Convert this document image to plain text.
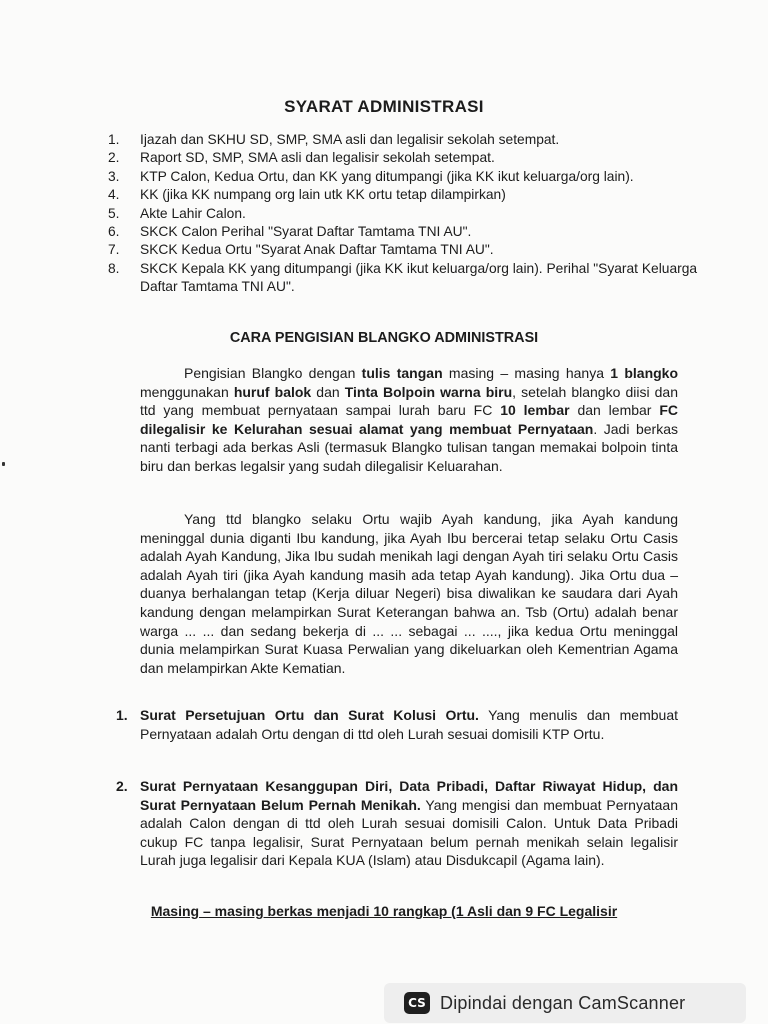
SYARAT ADMINISTRASI
1. Ijazah dan SKHU SD, SMP, SMA asli dan legalisir sekolah setempat.
2. Raport SD, SMP, SMA asli dan legalisir sekolah setempat.
3. KTP Calon, Kedua Ortu, dan KK yang ditumpangi (jika KK ikut keluarga/org lain).
4. KK (jika KK numpang org lain utk KK ortu tetap dilampirkan)
5. Akte Lahir Calon.
6. SKCK Calon Perihal "Syarat Daftar Tamtama TNI AU".
7. SKCK Kedua Ortu "Syarat Anak Daftar Tamtama TNI AU".
8. SKCK Kepala KK yang ditumpangi (jika KK ikut keluarga/org lain). Perihal "Syarat Keluarga Daftar Tamtama TNI AU".
CARA PENGISIAN BLANGKO ADMINISTRASI

Pengisian Blangko dengan tulis tangan masing – masing hanya 1 blangko menggunakan huruf balok dan Tinta Bolpoin warna biru, setelah blangko diisi dan ttd yang membuat pernyataan sampai lurah baru FC 10 lembar dan lembar FC dilegalisir ke Kelurahan sesuai alamat yang membuat Pernyataan. Jadi berkas nanti terbagi ada berkas Asli (termasuk Blangko tulisan tangan memakai bolpoin tinta biru dan berkas legalsir yang sudah dilegalisir Keluarahan.

Yang ttd blangko selaku Ortu wajib Ayah kandung, jika Ayah kandung meninggal dunia diganti Ibu kandung, jika Ayah Ibu bercerai tetap selaku Ortu Casis adalah Ayah Kandung, Jika Ibu sudah menikah lagi dengan Ayah tiri selaku Ortu Casis adalah Ayah tiri (jika Ayah kandung masih ada tetap Ayah kandung). Jika Ortu dua – duanya berhalangan tetap (Kerja diluar Negeri) bisa diwalikan ke saudara dari Ayah kandung dengan melampirkan Surat Keterangan bahwa an. Tsb (Ortu) adalah benar warga ... ... dan sedang bekerja di ... ... sebagai ... ...., jika kedua Ortu meninggal dunia melampirkan Surat Kuasa Perwalian yang dikeluarkan oleh Kementrian Agama dan melampirkan Akte Kematian.

1. Surat Persetujuan Ortu dan Surat Kolusi Ortu. Yang menulis dan membuat Pernyataan adalah Ortu dengan di ttd oleh Lurah sesuai domisili KTP Ortu.

2. Surat Pernyataan Kesanggupan Diri, Data Pribadi, Daftar Riwayat Hidup, dan Surat Pernyataan Belum Pernah Menikah. Yang mengisi dan membuat Pernyataan adalah Calon dengan di ttd oleh Lurah sesuai domisili Calon. Untuk Data Pribadi cukup FC tanpa legalisir, Surat Pernyataan belum pernah menikah selain legalisir Lurah juga legalisir dari Kepala KUA (Islam) atau Disdukcapil (Agama lain).

Masing – masing berkas menjadi 10 rangkap (1 Asli dan 9 FC Legalisir
CS Dipindai dengan CamScanner
